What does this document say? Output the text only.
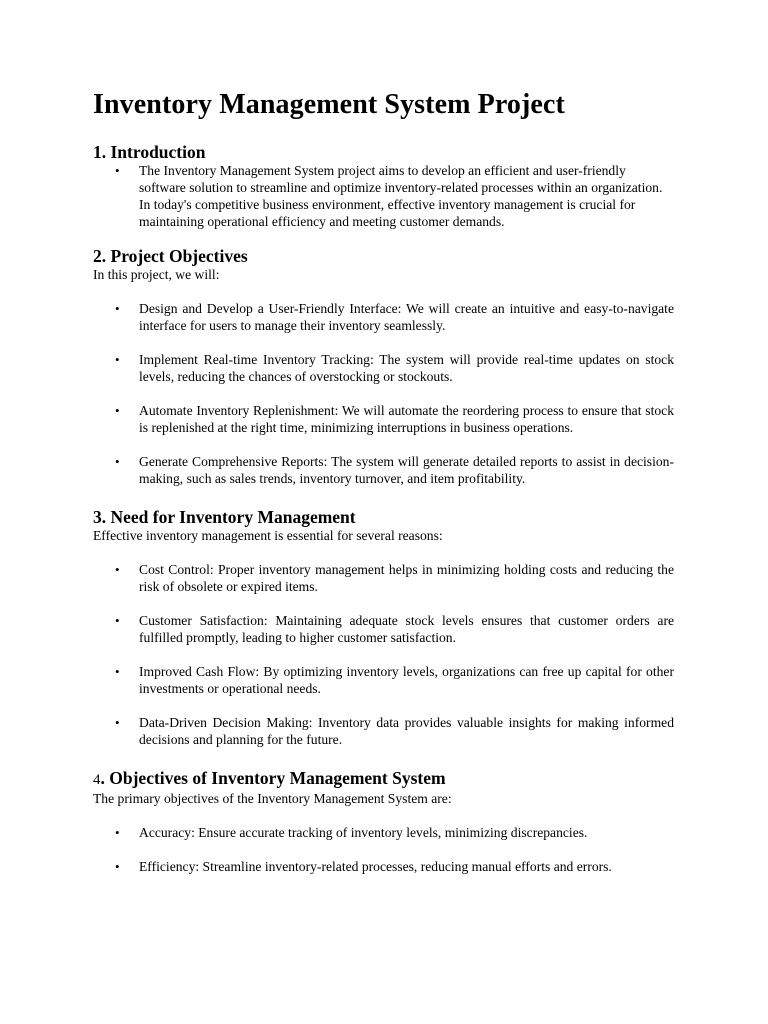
Inventory Management System Project
1. Introduction
• The Inventory Management System project aims to develop an efficient and user-friendly software solution to streamline and optimize inventory-related processes within an organization. In today's competitive business environment, effective inventory management is crucial for maintaining operational efficiency and meeting customer demands.
2. Project Objectives

In this project, we will:

• Design and Develop a User-Friendly Interface: We will create an intuitive and easy-to-navigate interface for users to manage their inventory seamlessly.
• Implement Real-time Inventory Tracking: The system will provide real-time updates on stock levels, reducing the chances of overstocking or stockouts.
• Automate Inventory Replenishment: We will automate the reordering process to ensure that stock is replenished at the right time, minimizing interruptions in business operations.
• Generate Comprehensive Reports: The system will generate detailed reports to assist in decision-making, such as sales trends, inventory turnover, and item profitability.
3. Need for Inventory Management

Effective inventory management is essential for several reasons:

• Cost Control: Proper inventory management helps in minimizing holding costs and reducing the risk of obsolete or expired items.
• Customer Satisfaction: Maintaining adequate stock levels ensures that customer orders are fulfilled promptly, leading to higher customer satisfaction.
• Improved Cash Flow: By optimizing inventory levels, organizations can free up capital for other investments or operational needs.
• Data-Driven Decision Making: Inventory data provides valuable insights for making informed decisions and planning for the future.
4. Objectives of Inventory Management System

The primary objectives of the Inventory Management System are:

• Accuracy: Ensure accurate tracking of inventory levels, minimizing discrepancies.
• Efficiency: Streamline inventory-related processes, reducing manual efforts and errors.
